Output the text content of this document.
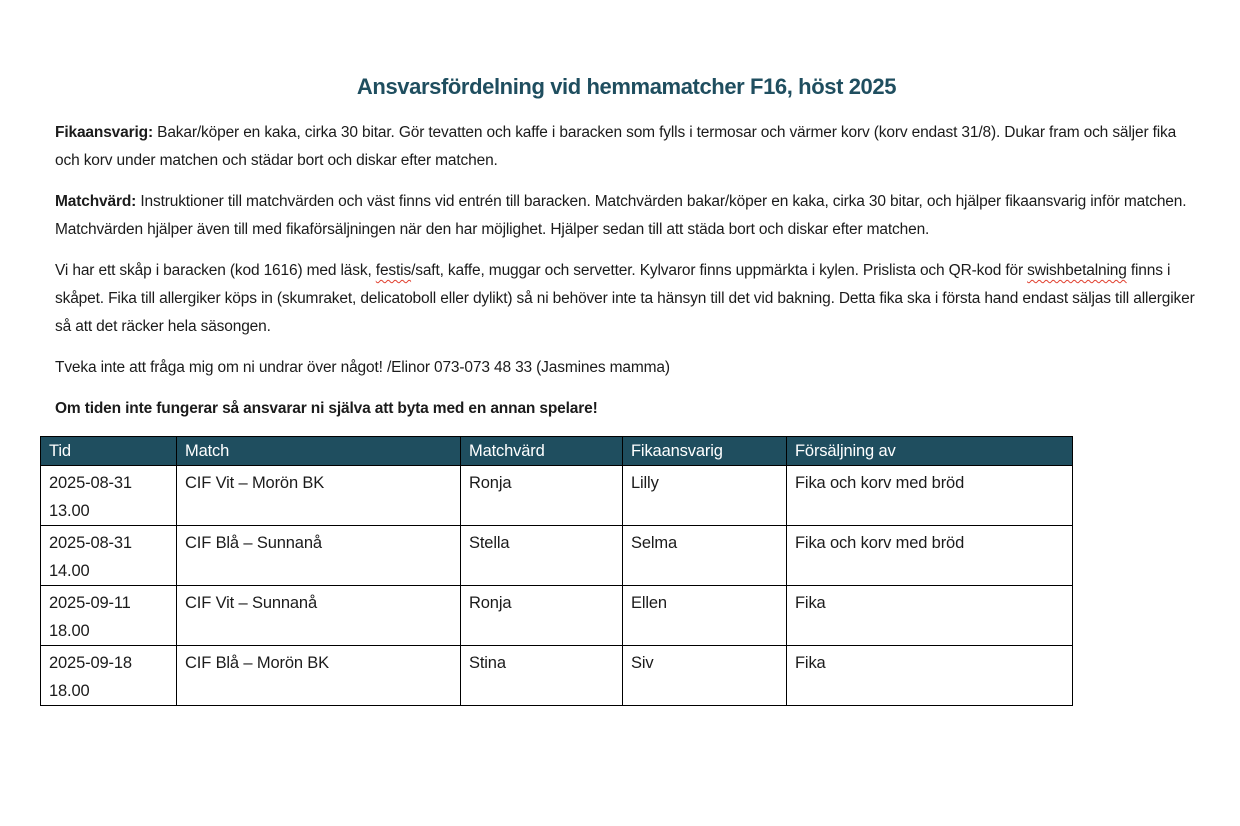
Ansvarsfördelning vid hemmamatcher F16, höst 2025

Fikaansvarig: Bakar/köper en kaka, cirka 30 bitar. Gör tevatten och kaffe i baracken som fylls i termosar och värmer korv (korv endast 31/8). Dukar fram och säljer fika och korv under matchen och städar bort och diskar efter matchen.

Matchvärd: Instruktioner till matchvärden och väst finns vid entrén till baracken. Matchvärden bakar/köper en kaka, cirka 30 bitar, och hjälper fikaansvarig inför matchen. Matchvärden hjälper även till med fikaförsäljningen när den har möjlighet. Hjälper sedan till att städa bort och diskar efter matchen.

Vi har ett skåp i baracken (kod 1616) med läsk, festis/saft, kaffe, muggar och servetter. Kylvaror finns uppmärkta i kylen. Prislista och QR-kod för swishbetalning finns i skåpet. Fika till allergiker köps in (skumraket, delicatoboll eller dylikt) så ni behöver inte ta hänsyn till det vid bakning. Detta fika ska i första hand endast säljas till allergiker så att det räcker hela säsongen.

Tveka inte att fråga mig om ni undrar över något! /Elinor 073-073 48 33 (Jasmines mamma)

Om tiden inte fungerar så ansvarar ni själva att byta med en annan spelare!

Tid	Match	Matchvärd	Fikaansvarig	Försäljning av

2025-08-31
13.00	CIF Vit – Morön BK	Ronja	Lilly	Fika och korv med bröd

2025-08-31
14.00	CIF Blå – Sunnanå	Stella	Selma	Fika och korv med bröd

2025-09-11
18.00	CIF Vit – Sunnanå	Ronja	Ellen	Fika

2025-09-18
18.00	CIF Blå – Morön BK	Stina	Siv	Fika
